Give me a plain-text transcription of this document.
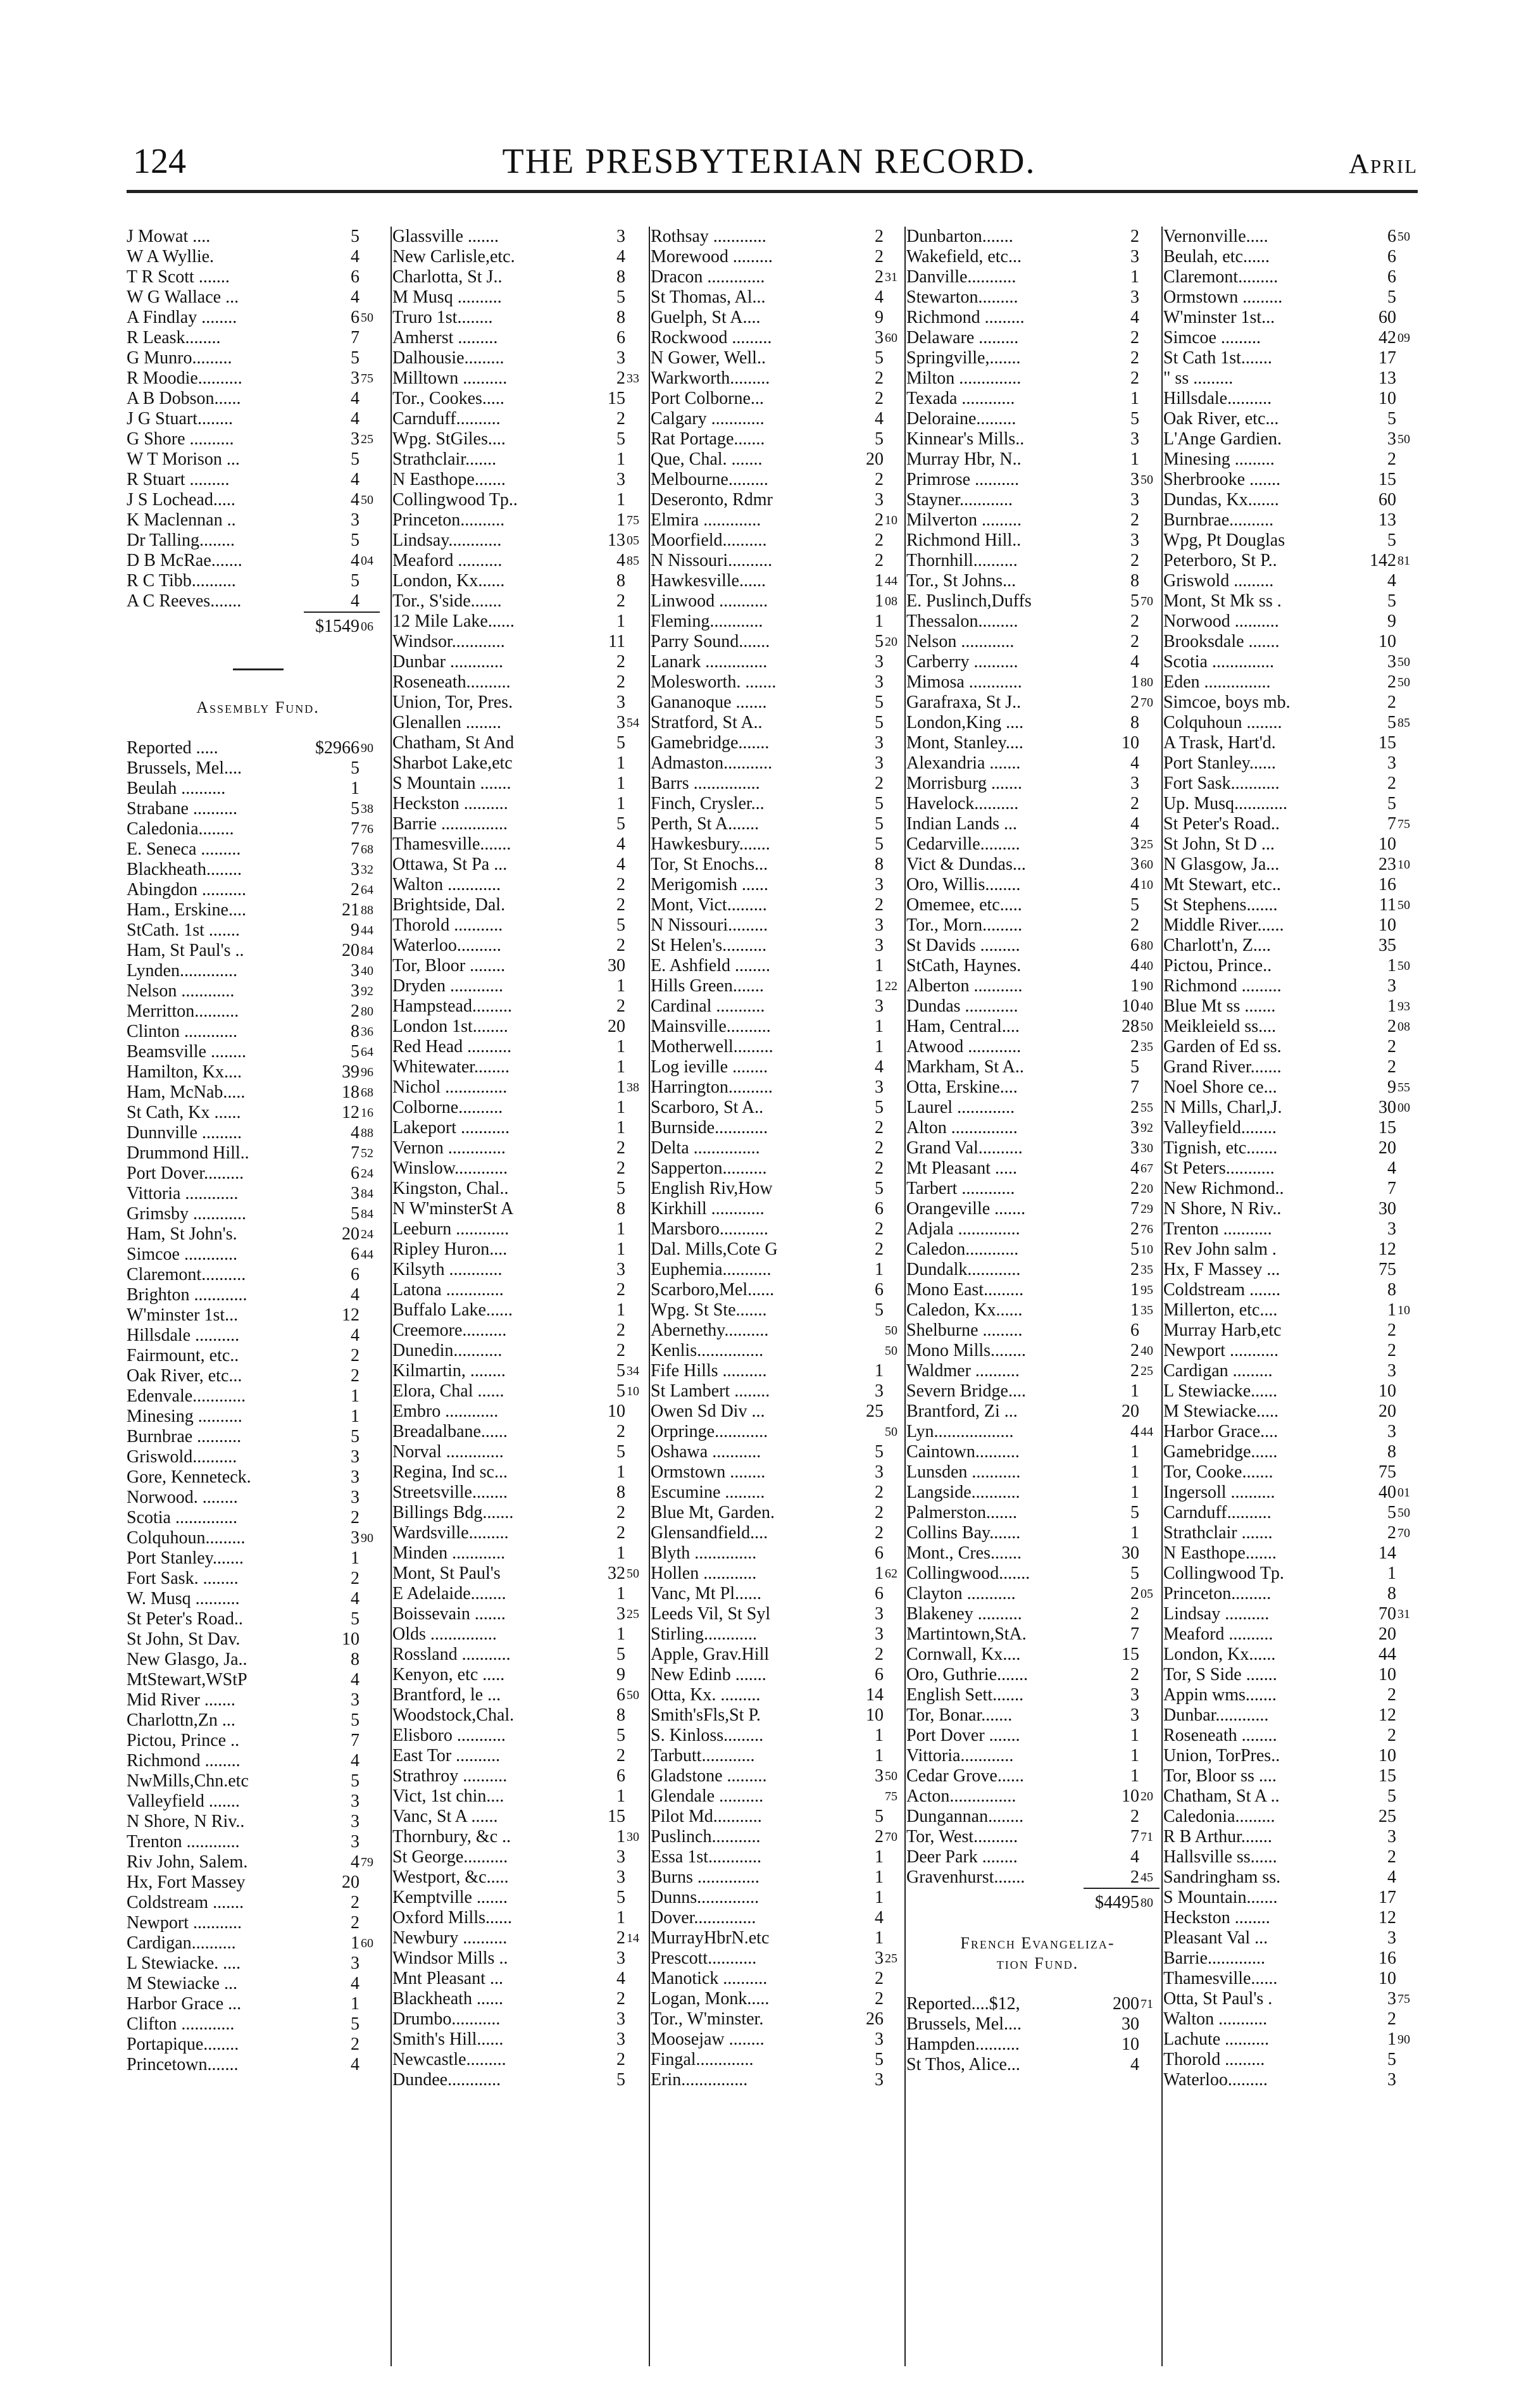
124	THE PRESBYTERIAN RECORD.	April
J Mowat ....	5
W A Wyllie.	4
T R Scott .......	6
W G Wallace ...	4
A Findlay ........	6 50
R Leask........	7
G Munro.........	5
R Moodie..........	3 75
A B Dobson......	4
J G Stuart........	4
G Shore ..........	3 25
W T Morison ...	5
R Stuart .........	4
J S Lochead.....	4 50
K Maclennan ..	3
Dr Talling........	5
D B McRae.......	4 04
R C Tibb..........	5
A C Reeves.......	4
$1549 06
Assembly Fund.
Reported .....	$2966 90
Brussels, Mel....	5
Beulah ..........	1
Strabane ..........	5 38
Caledonia........	7 76
E. Seneca .........	7 68
Blackheath........	3 32
Abingdon ..........	2 64
Ham., Erskine....	21 88
StCath. 1st .......	9 44
Ham, St Paul's ..	20 84
Lynden.............	3 40
Nelson ............	3 92
Merritton..........	2 80
Clinton ............	8 36
Beamsville ........	5 64
Hamilton, Kx....	39 96
Ham, McNab.....	18 68
St Cath, Kx ......	12 16
Dunnville .........	4 88
Drummond Hill..	7 52
Port Dover.........	6 24
Vittoria ............	3 84
Grimsby ............	5 84
Ham, St John's.	20 24
Simcoe ............	6 44
Claremont..........	6
Brighton ............	4
W'minster 1st...	12
Hillsdale ..........	4
Fairmount, etc..	2
Oak River, etc...	2
Edenvale............	1
Minesing ..........	1
Burnbrae ..........	5
Griswold..........	3
Gore, Kenneteck.	3
Norwood. ........	3
Scotia ..............	2
Colquhoun.........	3 90
Port Stanley.......	1
Fort Sask. ........	2
W. Musq ..........	4
St Peter's Road..	5
St John, St Dav.	10
New Glasgo, Ja..	8
MtStewart,WStP	4
Mid River .......	3
Charlottn,Zn ...	5
Pictou, Prince ..	7
Richmond ........	4
NwMills,Chn.etc	5
Valleyfield .......	3
N Shore, N Riv..	3
Trenton ............	3
Riv John, Salem.	4 79
Hx, Fort Massey	20
Coldstream .......	2
Newport ...........	2
Cardigan..........	1 60
L Stewiacke. ....	3
M Stewiacke ...	4
Harbor Grace ...	1
Clifton ............	5
Portapique........	2
Princetown.......	4
Glassville .......	3
New Carlisle,etc.	4
Charlotta, St J..	8
M Musq ..........	5
Truro 1st........	8
Amherst .........	6
Dalhousie.........	3
Milltown ..........	2 33
Tor., Cookes.....	15
Carnduff..........	2
Wpg. StGiles....	5
Strathclair.......	1
N Easthope.......	3
Collingwood Tp..	1
Princeton..........	1 75
Lindsay............	13 05
Meaford ..........	4 85
London, Kx......	8
Tor., S'side.......	2
12 Mile Lake......	1
Windsor............	11
Dunbar ............	2
Roseneath..........	2
Union, Tor, Pres.	3
Glenallen ........	3 54
Chatham, St And	5
Sharbot Lake,etc	1
S Mountain .......	1
Heckston ..........	1
Barrie ...............	5
Thamesville.......	4
Ottawa, St Pa ...	4
Walton ............	2
Brightside, Dal.	2
Thorold ...........	5
Waterloo..........	2
Tor, Bloor ........	30
Dryden ............	1
Hampstead.........	2
London 1st........	20
Red Head ..........	1
Whitewater........	1
Nichol ..............	1 38
Colborne..........	1
Lakeport ...........	1
Vernon .............	2
Winslow............	2
Kingston, Chal..	5
N W'minsterSt A	8
Leeburn ............	1
Ripley Huron....	1
Kilsyth ............	3
Latona .............	2
Buffalo Lake......	1
Creemore..........	2
Dunedin...........	2
Kilmartin, ........	5 34
Elora, Chal ......	5 10
Embro ............	10
Breadalbane......	2
Norval .............	5
Regina, Ind sc...	1
Streetsville........	8
Billings Bdg.......	2
Wardsville.........	2
Minden ............	1
Mont, St Paul's	32 50
E Adelaide........	1
Boissevain .......	3 25
Olds ...............	1
Rossland ...........	5
Kenyon, etc .....	9
Brantford, le ...	6 50
Woodstock,Chal.	8
Elisboro ...........	5
East Tor ..........	2
Strathroy ..........	6
Vict, 1st chin....	1
Vanc, St A ......	15
Thornbury, &c ..	1 30
St George..........	3
Westport, &c.....	3
Kemptville .......	5
Oxford Mills......	1
Newbury ..........	2 14
Windsor Mills ..	3
Mnt Pleasant ...	4
Blackheath ......	2
Drumbo...........	3
Smith's Hill......	3
Newcastle.........	2
Dundee............	5
Rothsay ............	2
Morewood .........	2
Dracon .............	2 31
St Thomas, Al...	4
Guelph, St A....	9
Rockwood .........	3 60
N Gower, Well..	5
Warkworth.........	2
Port Colborne...	2
Calgary ............	4
Rat Portage.......	5
Que, Chal. .......	20
Melbourne.........	2
Deseronto, Rdmr	3
Elmira .............	2 10
Moorfield..........	2
N Nissouri..........	2
Hawkesville......	1 44
Linwood ...........	1 08
Fleming............	1
Parry Sound.......	5 20
Lanark ..............	3
Molesworth. .......	3
Gananoque .......	5
Stratford, St A..	5
Gamebridge.......	3
Admaston...........	3
Barrs ...............	2
Finch, Crysler...	5
Perth, St A.......	5
Hawkesbury.......	5
Tor, St Enochs...	8
Merigomish ......	3
Mont, Vict.........	2
N Nissouri.........	3
St Helen's..........	3
E. Ashfield ........	1
Hills Green.......	1 22
Cardinal ...........	3
Mainsville..........	1
Motherwell.........	1
Log ieville ........	4
Harrington..........	3
Scarboro, St A..	5
Burnside............	2
Delta ...............	2
Sapperton..........	2
English Riv,How	5
Kirkhill ............	6
Marsboro...........	2
Dal. Mills,Cote G	2
Euphemia...........	1
Scarboro,Mel......	6
Wpg. St Ste.......	5
Abernethy..........	50
Kenlis...............	50
Fife Hills ..........	1
St Lambert ........	3
Owen Sd Div ...	25
Orpringe............	50
Oshawa ...........	5
Ormstown ........	3
Escumine .........	2
Blue Mt, Garden.	2
Glensandfield....	2
Blyth ..............	6
Hollen ............	1 62
Vanc, Mt Pl......	6
Leeds Vil, St Syl	3
Stirling............	3
Apple, Grav.Hill	2
New Edinb .......	6
Otta, Kx. .........	14
Smith'sFls,St P.	10
S. Kinloss.........	1
Tarbutt............	1
Gladstone .........	3 50
Glendale ..........	75
Pilot Md...........	5
Puslinch...........	2 70
Essa 1st............	1
Burns ..............	1
Dunns..............	1
Dover..............	4
MurrayHbrN.etc	1
Prescott...........	3 25
Manotick ..........	2
Logan, Monk.....	2
Tor., W'minster.	26
Moosejaw ........	3
Fingal.............	5
Erin...............	3
Dunbarton.......	2
Wakefield, etc...	3
Danville...........	1
Stewarton.........	3
Richmond .........	4
Delaware .........	2
Springville,.......	2
Milton ..............	2
Texada ............	1
Deloraine.........	5
Kinnear's Mills..	3
Murray Hbr, N..	1
Primrose ..........	3 50
Stayner............	3
Milverton .........	2
Richmond Hill..	3
Thornhill..........	2
Tor., St Johns...	8
E. Puslinch,Duffs	5 70
Thessalon.........	2
Nelson ............	2
Carberry ..........	4
Mimosa ............	1 80
Garafraxa, St J..	2 70
London,King ....	8
Mont, Stanley....	10
Alexandria .......	4
Morrisburg .......	3
Havelock..........	2
Indian Lands ...	4
Cedarville.........	3 25
Vict & Dundas...	3 60
Oro, Willis........	4 10
Omemee, etc.....	5
Tor., Morn.........	2
St Davids .........	6 80
StCath, Haynes.	4 40
Alberton ...........	1 90
Dundas ............	10 40
Ham, Central....	28 50
Atwood ............	2 35
Markham, St A..	5
Otta, Erskine....	7
Laurel .............	2 55
Alton ...............	3 92
Grand Val..........	3 30
Mt Pleasant .....	4 67
Tarbert ............	2 20
Orangeville .......	7 29
Adjala ..............	2 76
Caledon............	5 10
Dundalk............	2 35
Mono East.........	1 95
Caledon, Kx......	1 35
Shelburne .........	6
Mono Mills........	2 40
Waldmer ..........	2 25
Severn Bridge....	1
Brantford, Zi ...	20
Lyn..................	4 44
Caintown..........	1
Lunsden ...........	1
Langside...........	1
Palmerston.......	5
Collins Bay.......	1
Mont., Cres.......	30
Collingwood.......	5
Clayton ...........	2 05
Blakeney ..........	2
Martintown,StA.	7
Cornwall, Kx....	15
Oro, Guthrie.......	2
English Sett.......	3
Tor, Bonar.......	3
Port Dover .......	1
Vittoria............	1
Cedar Grove......	1
Acton...............	10 20
Dungannan........	2
Tor, West..........	7 71
Deer Park ........	4
Gravenhurst.......	2 45
$4495 80
French Evangeliza-
tion Fund.
Reported....$12,	200 71
Brussels, Mel....	30
Hampden..........	10
St Thos, Alice...	4
Vernonville.....	6 50
Beulah, etc......	6
Claremont.........	6
Ormstown .........	5
W'minster 1st...	60
Simcoe .........	42 09
St Cath 1st.......	17
" ss .........	13
Hillsdale..........	10
Oak River, etc...	5
L'Ange Gardien.	3 50
Minesing .........	2
Sherbrooke .......	15
Dundas, Kx.......	60
Burnbrae..........	13
Wpg, Pt Douglas	5
Peterboro, St P..	142 81
Griswold .........	4
Mont, St Mk ss .	5
Norwood ..........	9
Brooksdale .......	10
Scotia ..............	3 50
Eden ...............	2 50
Simcoe, boys mb.	2
Colquhoun ........	5 85
A Trask, Hart'd.	15
Port Stanley......	3
Fort Sask...........	2
Up. Musq............	5
St Peter's Road..	7 75
St John, St D ...	10
N Glasgow, Ja...	23 10
Mt Stewart, etc..	16
St Stephens.......	11 50
Middle River......	10
Charlott'n, Z....	35
Pictou, Prince..	1 50
Richmond .........	3
Blue Mt ss .......	1 93
Meikleield ss....	2 08
Garden of Ed ss.	2
Grand River.......	2
Noel Shore ce...	9 55
N Mills, Charl,J.	30 00
Valleyfield........	15
Tignish, etc.......	20
St Peters...........	4
New Richmond..	7
N Shore, N Riv..	30
Trenton ...........	3
Rev John salm .	12
Hx, F Massey ...	75
Coldstream .......	8
Millerton, etc....	1 10
Murray Harb,etc	2
Newport ...........	2
Cardigan .........	3
L Stewiacke......	10
M Stewiacke.....	20
Harbor Grace....	3
Gamebridge......	8
Tor, Cooke.......	75
Ingersoll ..........	40 01
Carnduff..........	5 50
Strathclair .......	2 70
N Easthope.......	14
Collingwood Tp.	1
Princeton.........	8
Lindsay ..........	70 31
Meaford ..........	20
London, Kx......	44
Tor, S Side .......	10
Appin wms.......	2
Dunbar............	12
Roseneath ........	2
Union, TorPres..	10
Tor, Bloor ss ....	15
Chatham, St A ..	5
Caledonia.........	25
R B Arthur.......	3
Hallsville ss......	2
Sandringham ss.	4
S Mountain.......	17
Heckston ........	12
Pleasant Val ...	3
Barrie.............	16
Thamesville......	10
Otta, St Paul's .	3 75
Walton ...........	2
Lachute ..........	1 90
Thorold .........	5
Waterloo.........	3
